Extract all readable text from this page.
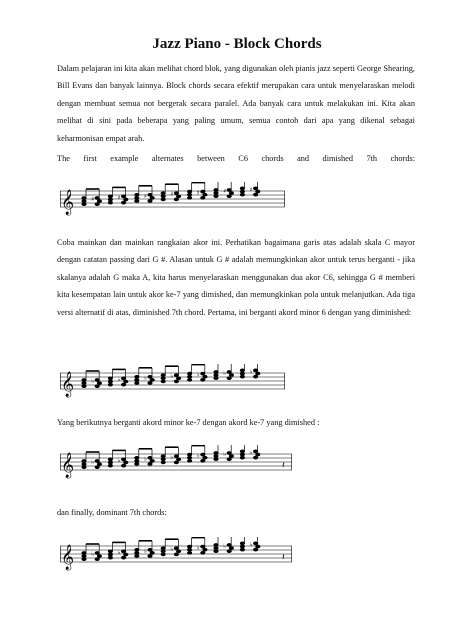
Jazz Piano - Block Chords

Dalam pelajaran ini kita akan melihat chord blok, yang digunakan oleh pianis jazz seperti George Shearing, Bill Evans dan banyak lainnya. Block chords secara efektif merupakan cara untuk menyelaraskan melodi dengan membuat semua not bergerak secara paralel. Ada banyak cara untuk melakukan ini. Kita akan melihat di sini pada beberapa yang paling umum, semua contoh dari apa yang dikenal sebagai keharmonisan empat arah.

The first example alternates between C6 chords and dimished 7th chords:
𝄞	♯	♯	♯	♯	♯	♯	♯

Coba mainkan dan mainkan rangkaian akor ini. Perhatikan bagaimana garis atas adalah skala C mayor dengan catatan passing dari G #. Alasan untuk G # adalah memungkinkan akor untuk terus berganti - jika skalanya adalah G maka A, kita harus menyelaraskan menggunakan dua akor C6, sehingga G # memberi kita kesempatan lain untuk akor ke-7 yang dimished, dan memungkinkan pola untuk melanjutkan. Ada tiga versi alternatif di atas, diminished 7th chord. Pertama, ini berganti akord minor 6 dengan yang diminished:

𝄞	♭	♭	♭	♭	♭	♭	♭
Yang berikutnya berganti akord minor ke-7 dengan akord ke-7 yang dimished :
𝄞	♭	♭	♭	♭	♭	♭	♭
𝄽
dan finally, dominant 7th chords:
𝄞	♭	♭	♭	♭	♭	♭	♭
𝄽
